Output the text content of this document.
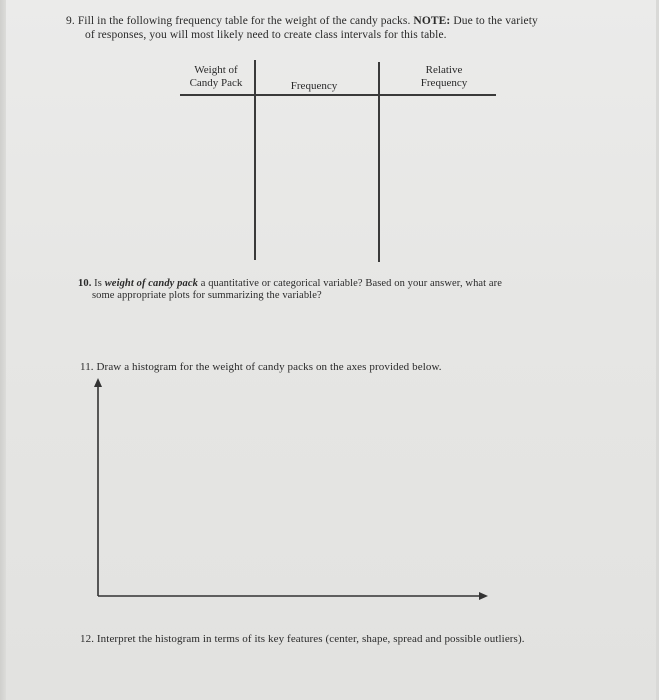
9. Fill in the following frequency table for the weight of the candy packs. NOTE: Due to the variety
of responses, you will most likely need to create class intervals for this table.
Weight of
Candy Pack	Frequency
Relative
Frequency
10. Is weight of candy pack a quantitative or categorical variable? Based on your answer, what are
some appropriate plots for summarizing the variable?
11. Draw a histogram for the weight of candy packs on the axes provided below.
12. Interpret the histogram in terms of its key features (center, shape, spread and possible outliers).
